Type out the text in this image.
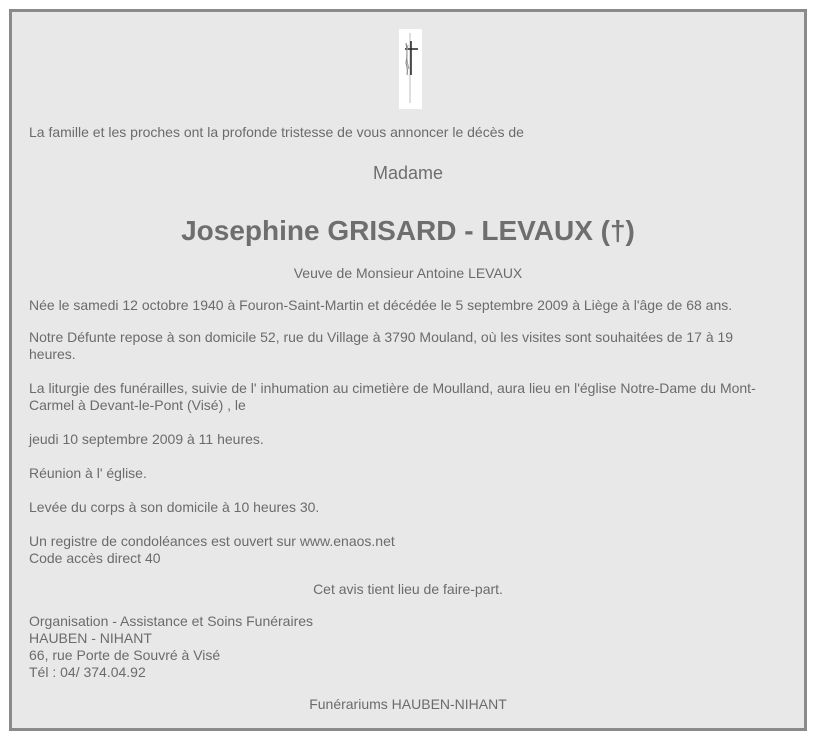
La famille et les proches ont la profonde tristesse de vous annoncer le décès de

Madame

Josephine GRISARD - LEVAUX (†)

Veuve de Monsieur Antoine LEVAUX

Née le samedi 12 octobre 1940 à Fouron-Saint-Martin et décédée le 5 septembre 2009 à Liège à l'âge de 68 ans.

Notre Défunte repose à son domicile 52, rue du Village à 3790 Mouland, où les visites sont souhaitées de 17 à 19

heures.

La liturgie des funérailles, suivie de l' inhumation au cimetière de Moulland, aura lieu en l'église Notre-Dame du Mont-

Carmel à Devant-le-Pont (Visé) , le

jeudi 10 septembre 2009 à 11 heures.

Réunion à l' église.

Levée du corps à son domicile à 10 heures 30.

Un registre de condoléances est ouvert sur www.enaos.net

Code accès direct 40

Cet avis tient lieu de faire-part.

Organisation - Assistance et Soins Funéraires

HAUBEN - NIHANT

66, rue Porte de Souvré à Visé

Tél : 04/ 374.04.92

Funérariums HAUBEN-NIHANT
